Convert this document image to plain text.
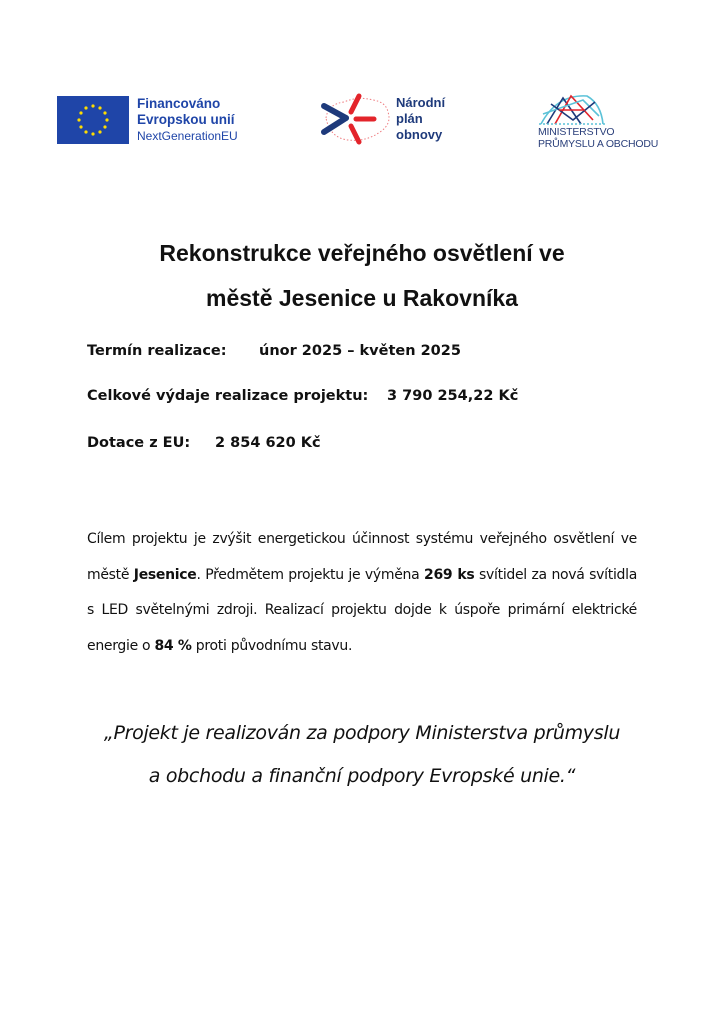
Financováno
Evropskou unií
NextGenerationEU
Národní
plán
obnovy	MINISTERSTVO
PRŮMYSLU A OBCHODU
Rekonstrukce veřejného osvětlení ve
městě Jesenice u Rakovníka
Termín realizace: únor 2025 – květen 2025
Celkové výdaje realizace projektu: 3 790 254,22 Kč
Dotace z EU: 2 854 620 Kč
Cílem projektu je zvýšit energetickou účinnost systému veřejného osvětlení ve městě Jesenice. Předmětem projektu je výměna 269 ks svítidel za nová svítidla s LED světelnými zdroji. Realizací projektu dojde k úspoře primární elektrické energie o 84 % proti původnímu stavu.
„Projekt je realizován za podpory Ministerstva průmyslu
a obchodu a finanční podpory Evropské unie.“
